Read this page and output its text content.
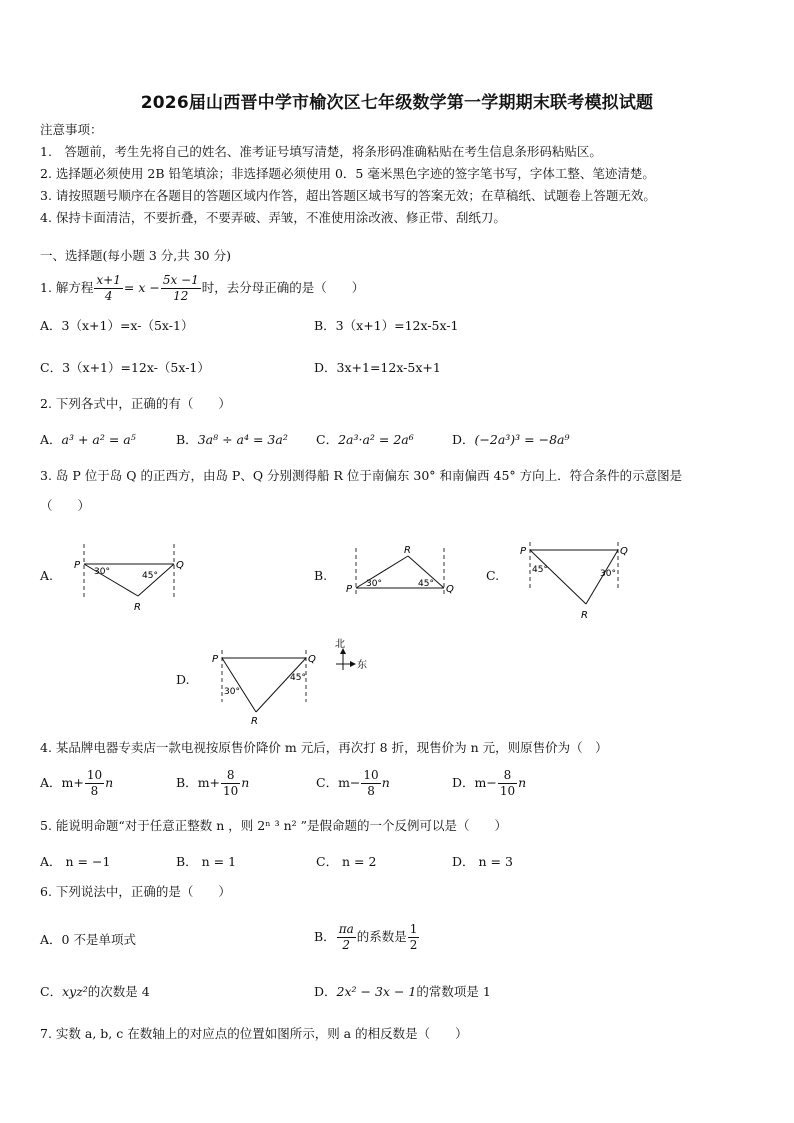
2026届山西晋中学市榆次区七年级数学第一学期期末联考模拟试题
注意事项：
1.　答题前，考生先将自己的姓名、准考证号填写清楚，将条形码准确粘贴在考生信息条形码粘贴区。
2. 选择题必须使用 2B 铅笔填涂；非选择题必须使用 0．5 毫米黑色字迹的签字笔书写，字体工整、笔迹清楚。
3. 请按照题号顺序在各题目的答题区域内作答，超出答题区域书写的答案无效；在草稿纸、试题卷上答题无效。
4. 保持卡面清洁，不要折叠，不要弄破、弄皱，不准使用涂改液、修正带、刮纸刀。
一、选择题(每小题 3 分,共 30 分)
1. 解方程 $\frac{x+1}{4} = x - \frac{5x -1}{12}$ 时，去分母正确的是（　　）
A．3（x+1）=x-（5x-1）	B．3（x+1）=12x-5x-1
C．3（x+1）=12x-（5x-1）	D．3x+1=12x-5x+1
2. 下列各式中，正确的有（　　）
A．a³ + a² = a⁵	B．3a⁸ ÷ a⁴ = 3a² C．2a³·a² = 2a⁶	D．(−2a³)³ = −8a⁹
3. 岛 P 位于岛 Q 的正西方，由岛 P、Q 分别测得船 R 位于南偏东 30° 和南偏西 45° 方向上．符合条件的示意图是
（　　）
A.
P	Q
R
30°	45°	B.
P	Q
R
30°	45°
C.
P	Q
R
45°	30°
D.
P	Q
R
30°
45°
北
东
4. 某品牌电器专卖店一款电视按原售价降价 m 元后，再次打 8 折，现售价为 n 元，则原售价为（　）
A．$m+ \frac{10}{8}$ n	B．$m+ \frac{8}{10}$ n	C．$m- \frac{10}{8}$ n	D．$m- \frac{8}{10}$ n
5. 能说明命题“对于任意正整数 n ，则 2ⁿ ³ n² ”是假命题的一个反例可以是（　　）
A． n = −1	B． n = 1	C． n = 2	D． n = 3
6. 下列说法中，正确的是（　　）
A．0 不是单项式	B． $\frac{\pi a}{2}$ 的系数是 $\frac{1}{2}$
C．xyz²的次数是 4	D．2x² − 3x − 1的常数项是 1
7. 实数 a, b, c 在数轴上的对应点的位置如图所示，则 a 的相反数是（　　）
